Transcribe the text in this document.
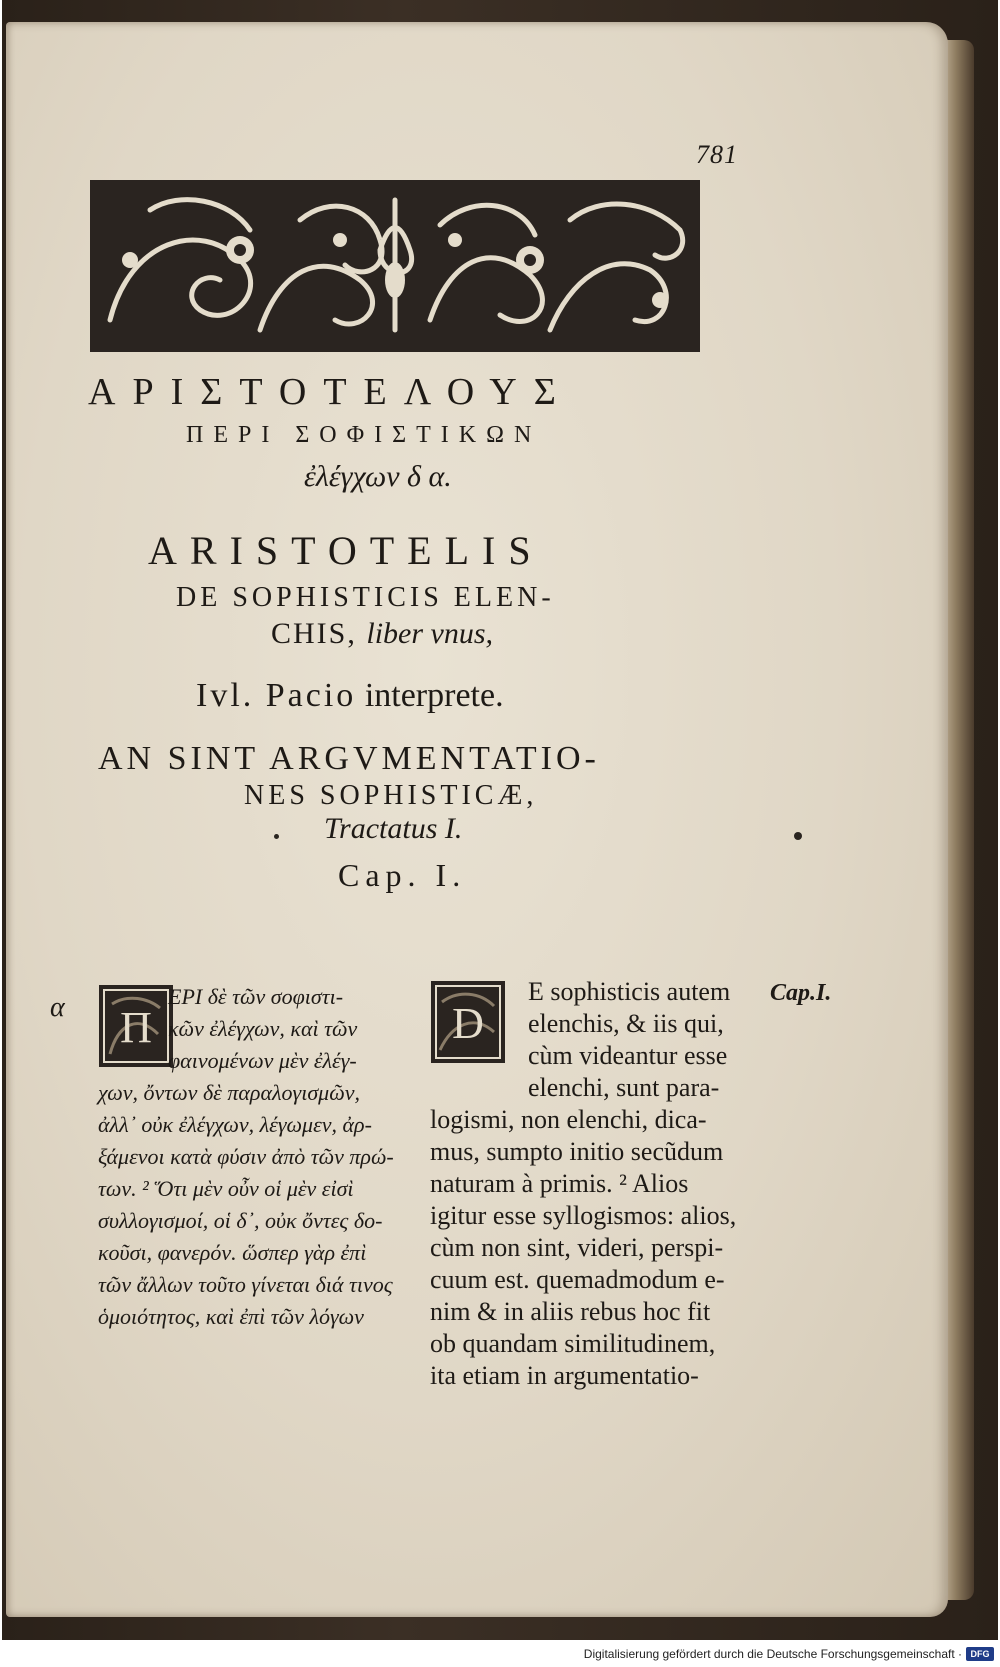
781
ΑΡΙΣΤΟΤΕΛΟΥΣ
ΠΕΡΙ ΣΟΦΙΣΤΙΚΩΝ
ἐλέγχων δ α.
ARISTOTELIS
DE SOPHISTICIS ELEN-
CHIS, liber vnus,
Ivl. Pacio interprete.
AN SINT ARGVMENTATIO-
NES SOPHISTICÆ,
Tractatus I.
Cap. I.
α	Cap.I.
Π	D
ΕΡΙ δὲ τῶν σοφιστι-
κῶν ἐλέγχων, καὶ τῶν
φαινομένων μὲν ἐλέγ-
χων, ὄντων δὲ παραλογισμῶν,
ἀλλ᾽ οὐκ ἐλέγχων, λέγωμεν, ἀρ-
ξάμενοι κατὰ φύσιν ἀπὸ τῶν πρώ-
των. ² Ὅτι μὲν οὖν οἱ μὲν εἰσὶ
συλλογισμοί, οἱ δ᾽, οὐκ ὄντες δο-
κοῦσι, φανερόν. ὥσπερ γὰρ ἐπὶ
τῶν ἄλλων τοῦτο γίνεται διά τινος
ὁμοιότητος, καὶ ἐπὶ τῶν λόγων
E sophisticis autem
elenchis, & iis qui,
cùm videantur esse
elenchi, sunt para-
logismi, non elenchi, dica-
mus, sumpto initio secũdum
naturam à primis. ² Alios
igitur esse syllogismos: alios,
cùm non sint, videri, perspi-
cuum est. quemadmodum e-
nim & in aliis rebus hoc fit
ob quandam similitudinem,
ita etiam in argumentatio-
Digitalisierung gefördert durch die Deutsche Forschungsgemeinschaft · DFG
